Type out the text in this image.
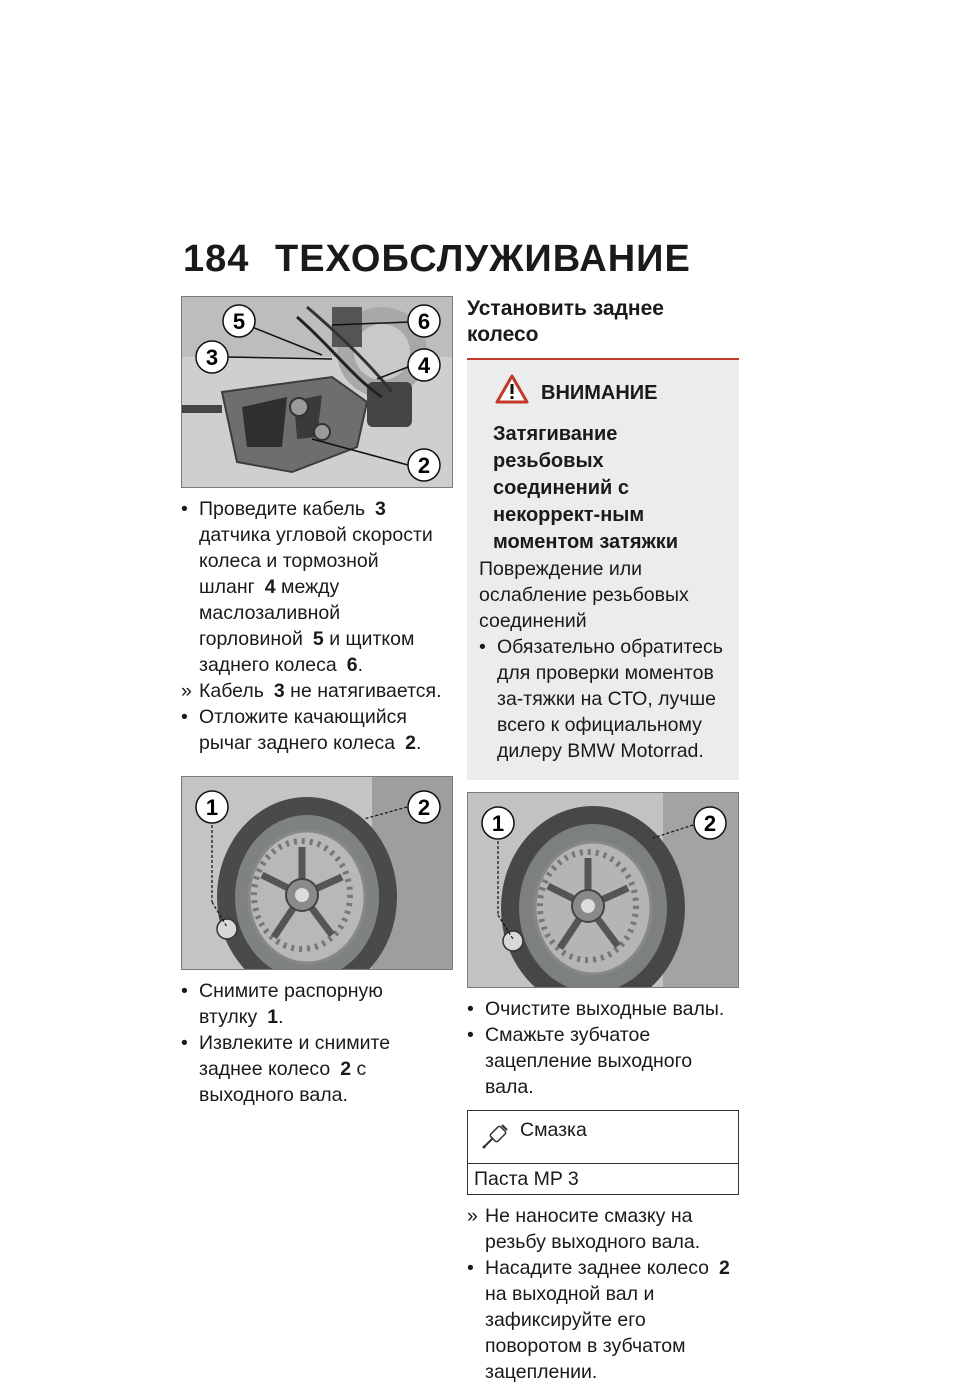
184 ТЕХОБСЛУЖИВАНИЕ
5	6
3	4
2
• Проведите кабель 3 датчика угловой скорости колеса и тормозной шланг 4 между маслозаливной горловиной 5 и щитком заднего колеса 6.
» Кабель 3 не натягивается.
• Отложите качающийся рычаг заднего колеса 2.
1	2
• Снимите распорную втулку 1.
• Извлеките и снимите заднее колесо 2 с выходного вала.
Установить заднее колесо
ВНИМАНИЕ
Затягивание резьбовых соединений с некоррект-ным моментом затяжки
Повреждение или ослабление резьбовых соединений
• Обязательно обратитесь для проверки моментов за-тяжки на СТО, лучше всего к официальному дилеру BMW Motorrad.
1	2
• Очистите выходные валы.
• Смажьте зубчатое зацепление выходного вала.
Смазка
Паста MP 3
» Не наносите смазку на резьбу выходного вала.
• Насадите заднее колесо 2 на выходной вал и зафиксируйте его поворотом в зубчатом зацеплении.
